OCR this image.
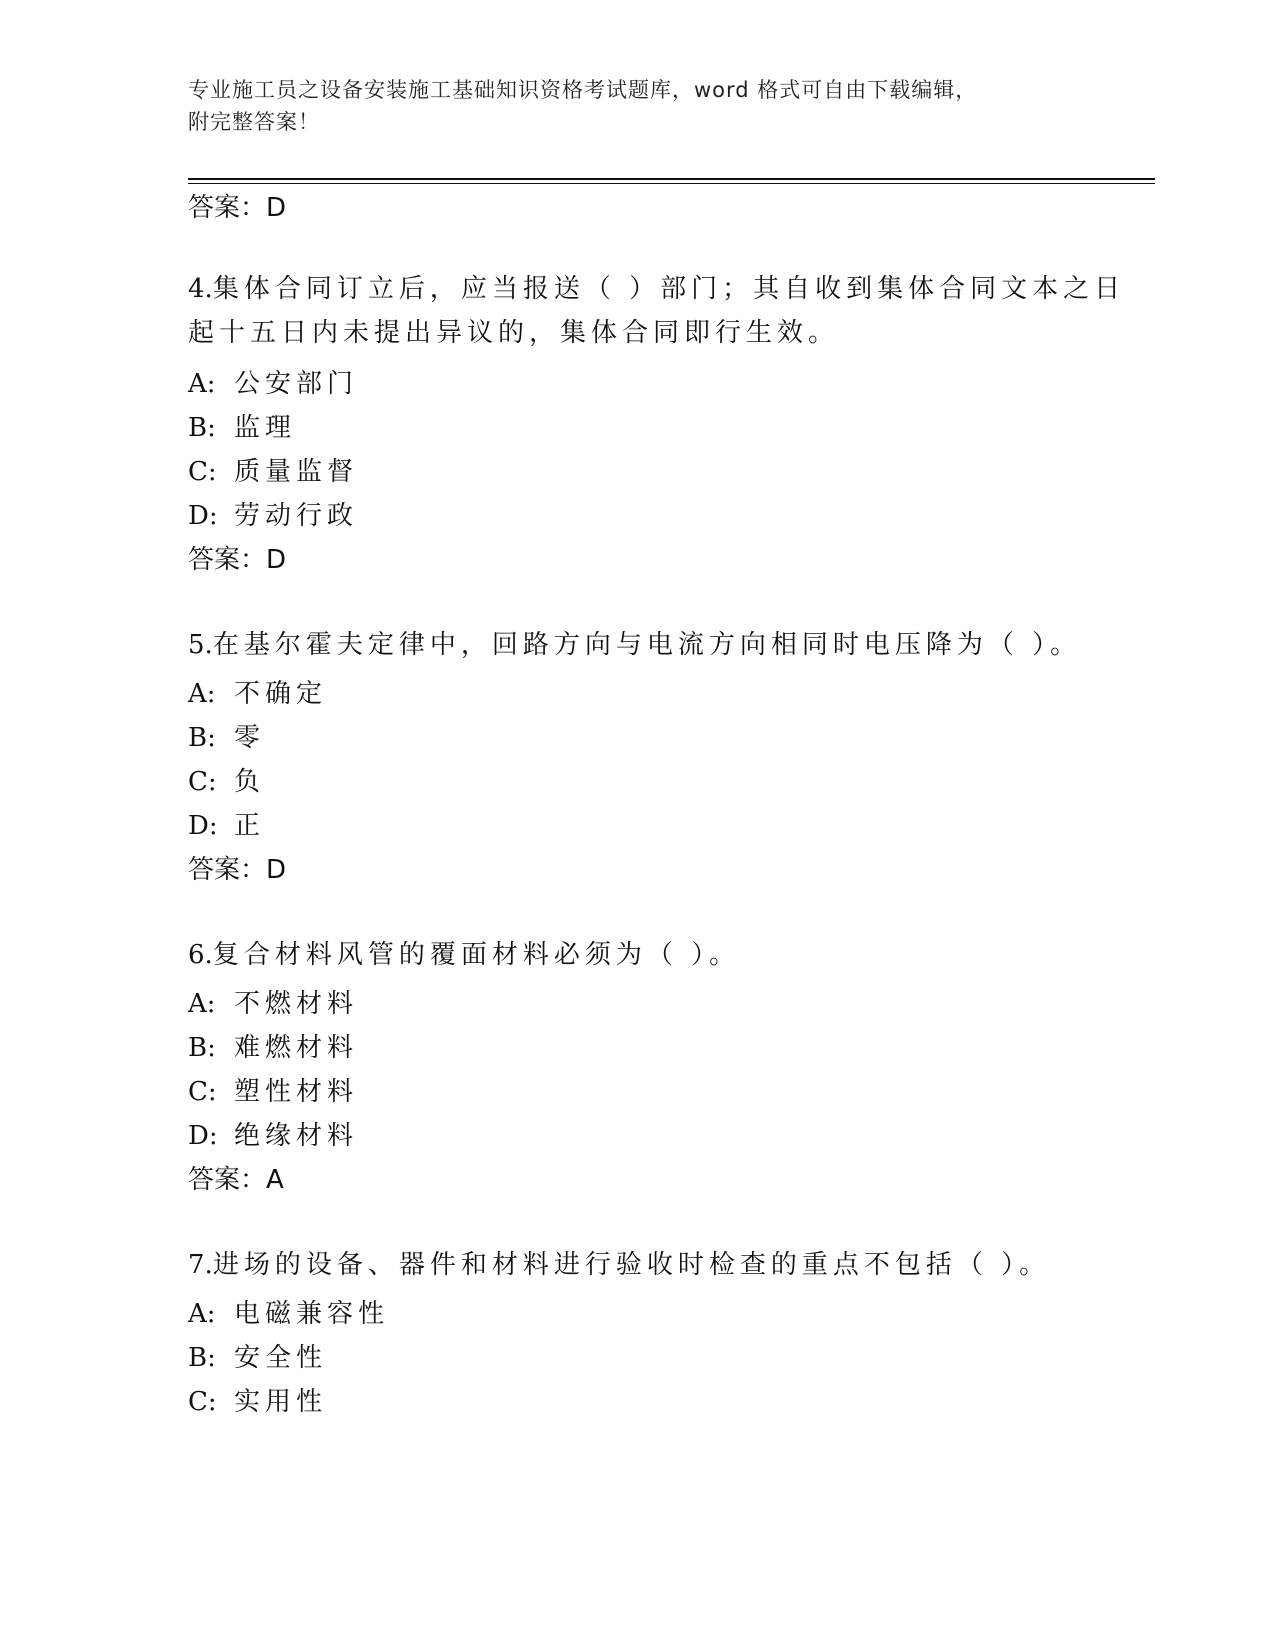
专业施工员之设备安装施工基础知识资格考试题库，word 格式可自由下载编辑，
附完整答案！
答案：D
4.集体合同订立后，应当报送（ ）部门；其自收到集体合同文本之日
起十五日内未提出异议的，集体合同即行生效。
A: 公安部门
B: 监理
C: 质量监督
D: 劳动行政
答案：D
5.在基尔霍夫定律中，回路方向与电流方向相同时电压降为（ ）。
A: 不确定
B: 零
C: 负
D: 正
答案：D
6.复合材料风管的覆面材料必须为（ ）。
A: 不燃材料
B: 难燃材料
C: 塑性材料
D: 绝缘材料
答案：A
7.进场的设备、器件和材料进行验收时检查的重点不包括（ ）。
A: 电磁兼容性
B: 安全性
C: 实用性
